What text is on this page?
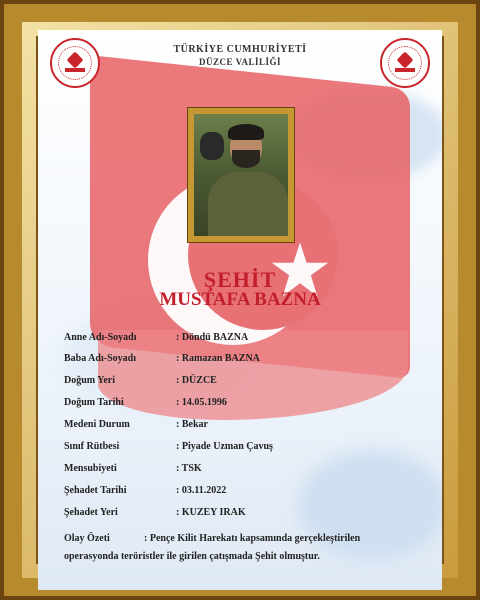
TÜRKİYE CUMHURİYETİ
DÜZCE VALİLİĞİ
ŞEHİT
MUSTAFA BAZNA
Anne Adı-Soyadı	: Döndü BAZNA
Baba Adı-Soyadı	: Ramazan BAZNA
Doğum Yeri	: DÜZCE
Doğum Tarihi	: 14.05.1996
Medeni Durum	: Bekar
Sınıf Rütbesi	: Piyade Uzman Çavuş
Mensubiyeti	: TSK
Şehadet Tarihi	: 03.11.2022
Şehadet Yeri	: KUZEY IRAK
Olay Özeti	: Pençe Kilit Harekatı kapsamında gerçekleştirilen
operasyonda teröristler ile girilen çatışmada Şehit olmuştur.
